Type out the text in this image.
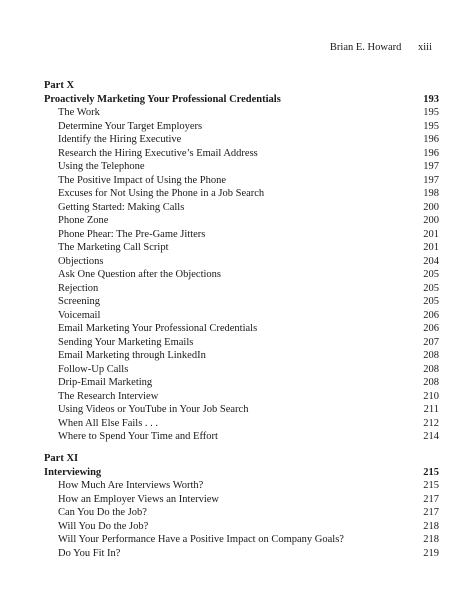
Brian E. Howard xiii
Part X
Proactively Marketing Your Professional Credentials	193
The Work	195
Determine Your Target Employers	195
Identify the Hiring Executive	196
Research the Hiring Executive’s Email Address	196
Using the Telephone	197
The Positive Impact of Using the Phone	197
Excuses for Not Using the Phone in a Job Search	198
Getting Started: Making Calls	200
Phone Zone	200
Phone Phear: The Pre-Game Jitters	201
The Marketing Call Script	201
Objections	204
Ask One Question after the Objections	205
Rejection	205
Screening	205
Voicemail	206
Email Marketing Your Professional Credentials	206
Sending Your Marketing Emails	207
Email Marketing through LinkedIn	208
Follow-Up Calls	208
Drip-Email Marketing	208
The Research Interview	210
Using Videos or YouTube in Your Job Search	211
When All Else Fails . . .	212
Where to Spend Your Time and Effort	214
Part XI
Interviewing	215
How Much Are Interviews Worth?	215
How an Employer Views an Interview	217
Can You Do the Job?	217
Will You Do the Job?	218
Will Your Performance Have a Positive Impact on Company Goals?	218
Do You Fit In?	219
